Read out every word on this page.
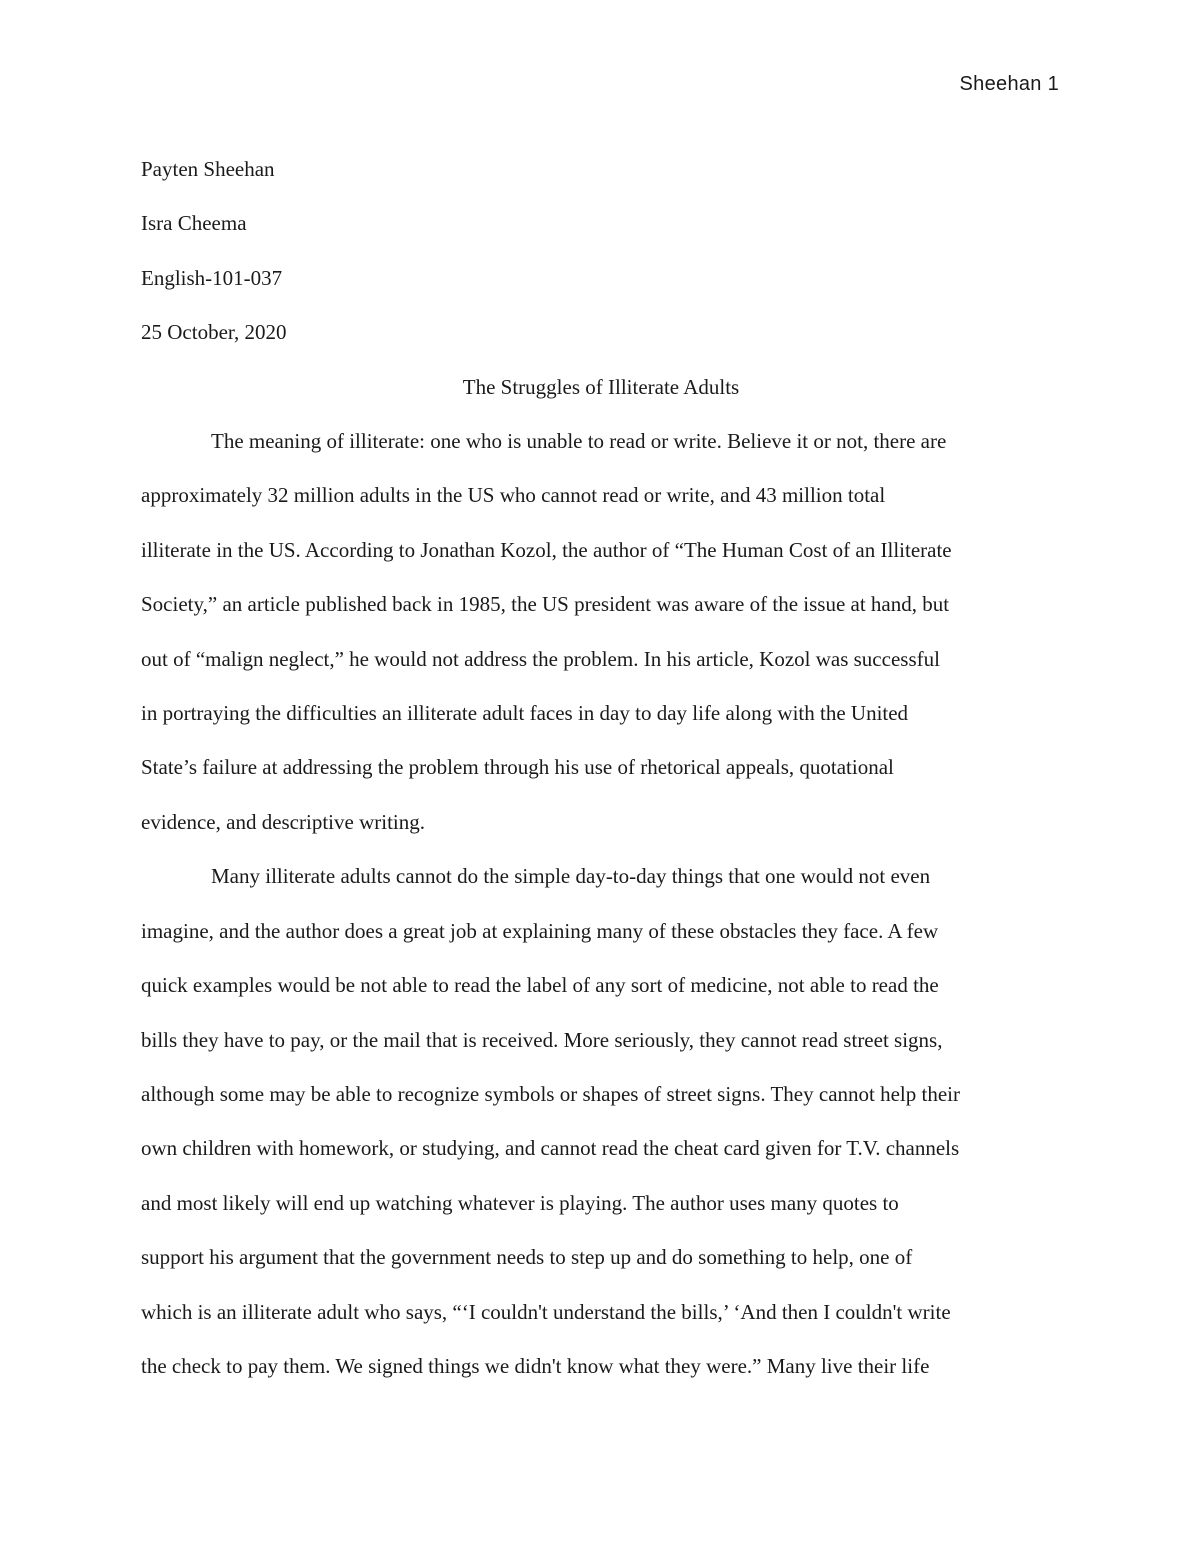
Sheehan 1

Payten Sheehan

Isra Cheema

English-101-037

25 October, 2020

The Struggles of Illiterate Adults

The meaning of illiterate: one who is unable to read or write. Believe it or not, there are

approximately 32 million adults in the US who cannot read or write, and 43 million total

illiterate in the US. According to Jonathan Kozol, the author of “The Human Cost of an Illiterate

Society,” an article published back in 1985, the US president was aware of the issue at hand, but

out of “malign neglect,” he would not address the problem. In his article, Kozol was successful

in portraying the difficulties an illiterate adult faces in day to day life along with the United

State’s failure at addressing the problem through his use of rhetorical appeals, quotational

evidence, and descriptive writing.

Many illiterate adults cannot do the simple day-to-day things that one would not even

imagine, and the author does a great job at explaining many of these obstacles they face. A few

quick examples would be not able to read the label of any sort of medicine, not able to read the

bills they have to pay, or the mail that is received. More seriously, they cannot read street signs,

although some may be able to recognize symbols or shapes of street signs. They cannot help their

own children with homework, or studying, and cannot read the cheat card given for T.V. channels

and most likely will end up watching whatever is playing. The author uses many quotes to

support his argument that the government needs to step up and do something to help, one of

which is an illiterate adult who says, “‘I couldn't understand the bills,’ ‘And then I couldn't write

the check to pay them. We signed things we didn't know what they were.” Many live their life
